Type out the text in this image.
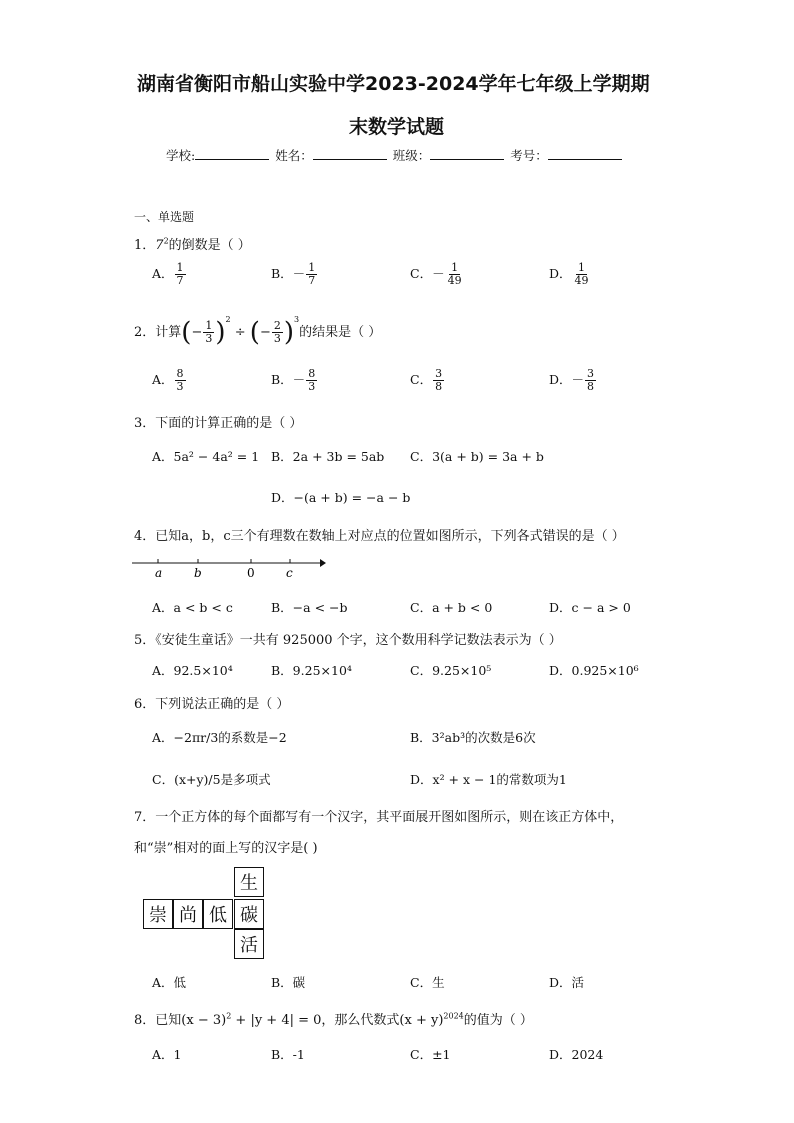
湖南省衡阳市船山实验中学2023-2024学年七年级上学期期
末数学试题
学校:	姓名：	班级：	考号：
一、单选题
1．$7^2$的倒数是（ ）
A． $\frac{1}{7}$	B．－ $\frac{1}{7}$	C．－ $\frac{1}{49}$	D． $\frac{1}{49}$
2．计算(− $\frac{1}{3} )^2$ ÷ (− $\frac{2}{3} )^3$的结果是（ ）
A． $\frac{8}{3}$	B．－ $\frac{8}{3}$	C． $\frac{3}{8}$	D．－ $\frac{3}{8}$
3．下面的计算正确的是（ ）
A．5a² − 4a² = 1 B．2a + 3b = 5ab C．3(a + b) = 3a + b
D．−(a + b) = −a − b
4．已知a，b，c三个有理数在数轴上对应点的位置如图所示，下列各式错误的是（ ）
a	b	0	c
A．a < b < c	B．−a < −b	C．a + b < 0	D．c − a > 0
5．《安徒生童话》一共有 925000 个字，这个数用科学记数法表示为（ ）
A．92.5×10⁴	B．9.25×10⁴	C．9.25×10⁵	D．0.925×10⁶
6．下列说法正确的是（ ）
A．−2πr/3的系数是−2	B．3²ab³的次数是6次
C．(x+y)/5是多项式	D．x² + x − 1的常数项为1
7．一个正方体的每个面都写有一个汉字，其平面展开图如图所示，则在该正方体中，
和“崇”相对的面上写的汉字是( )
崇 尚 低
生
碳
活
A．低	B．碳	C．生	D．活
8．已知$(x - 3)^2 + |y + 4| = 0$，那么代数式$(x + y)^{2024}$的值为（ ）
A．1	B．-1	C．±1	D．2024
